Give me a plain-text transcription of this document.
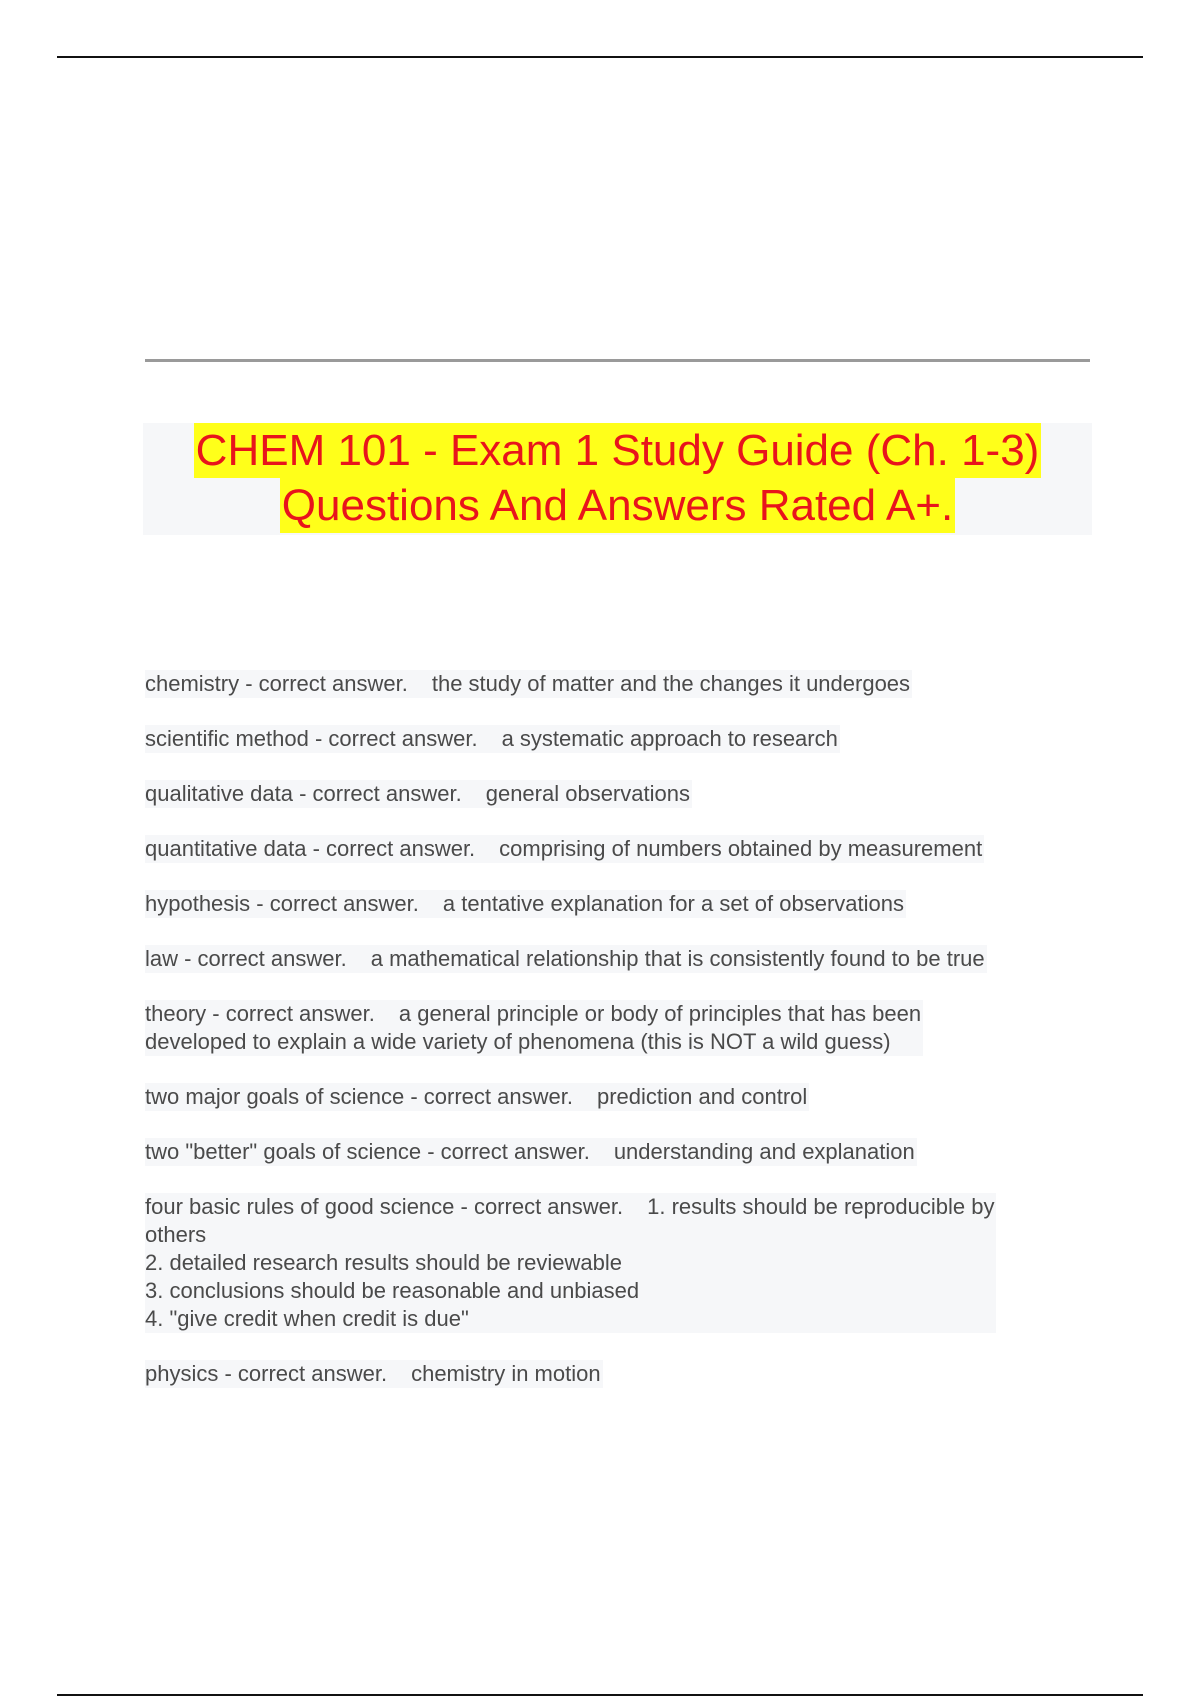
CHEM 101 - Exam 1 Study Guide (Ch. 1-3)
Questions And Answers Rated A+.
chemistry - correct answer. the study of matter and the changes it undergoes
scientific method - correct answer. a systematic approach to research
qualitative data - correct answer. general observations
quantitative data - correct answer. comprising of numbers obtained by measurement
hypothesis - correct answer. a tentative explanation for a set of observations
law - correct answer. a mathematical relationship that is consistently found to be true
theory - correct answer. a general principle or body of principles that has been
developed to explain a wide variety of phenomena (this is NOT a wild guess)
two major goals of science - correct answer. prediction and control
two "better" goals of science - correct answer. understanding and explanation
four basic rules of good science - correct answer. 1. results should be reproducible by
others
2. detailed research results should be reviewable
3. conclusions should be reasonable and unbiased
4. "give credit when credit is due"
physics - correct answer. chemistry in motion
